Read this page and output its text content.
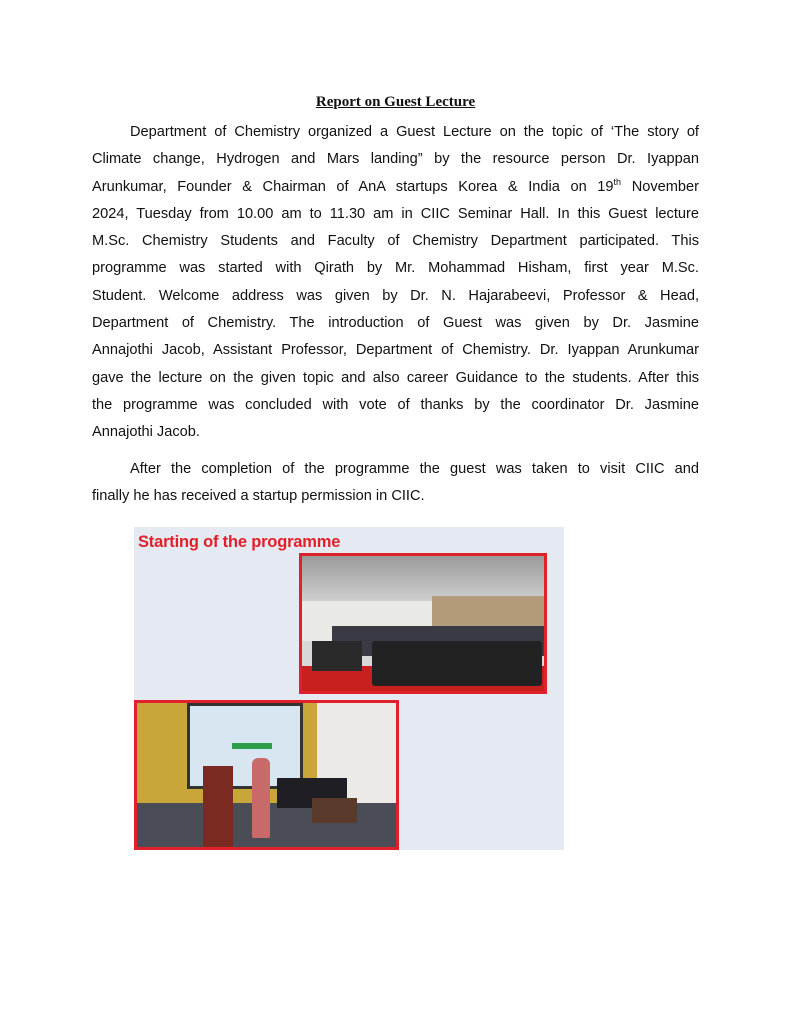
Report on Guest Lecture
Department of Chemistry organized a Guest Lecture on the topic of ‘The story of
Climate change, Hydrogen and Mars landing” by the resource person Dr. Iyappan
Arunkumar, Founder & Chairman of AnA startups Korea & India on 19th November
2024, Tuesday from 10.00 am to 11.30 am in CIIC Seminar Hall. In this Guest lecture
M.Sc. Chemistry Students and Faculty of Chemistry Department participated. This
programme was started with Qirath by Mr. Mohammad Hisham, first year M.Sc.
Student. Welcome address was given by Dr. N. Hajarabeevi, Professor & Head,
Department of Chemistry. The introduction of Guest was given by Dr. Jasmine
Annajothi Jacob, Assistant Professor, Department of Chemistry. Dr. Iyappan Arunkumar
gave the lecture on the given topic and also career Guidance to the students. After this
the programme was concluded with vote of thanks by the coordinator Dr. Jasmine
Annajothi Jacob.
After the completion of the programme the guest was taken to visit CIIC and
finally he has received a startup permission in CIIC.
Starting of the programme
